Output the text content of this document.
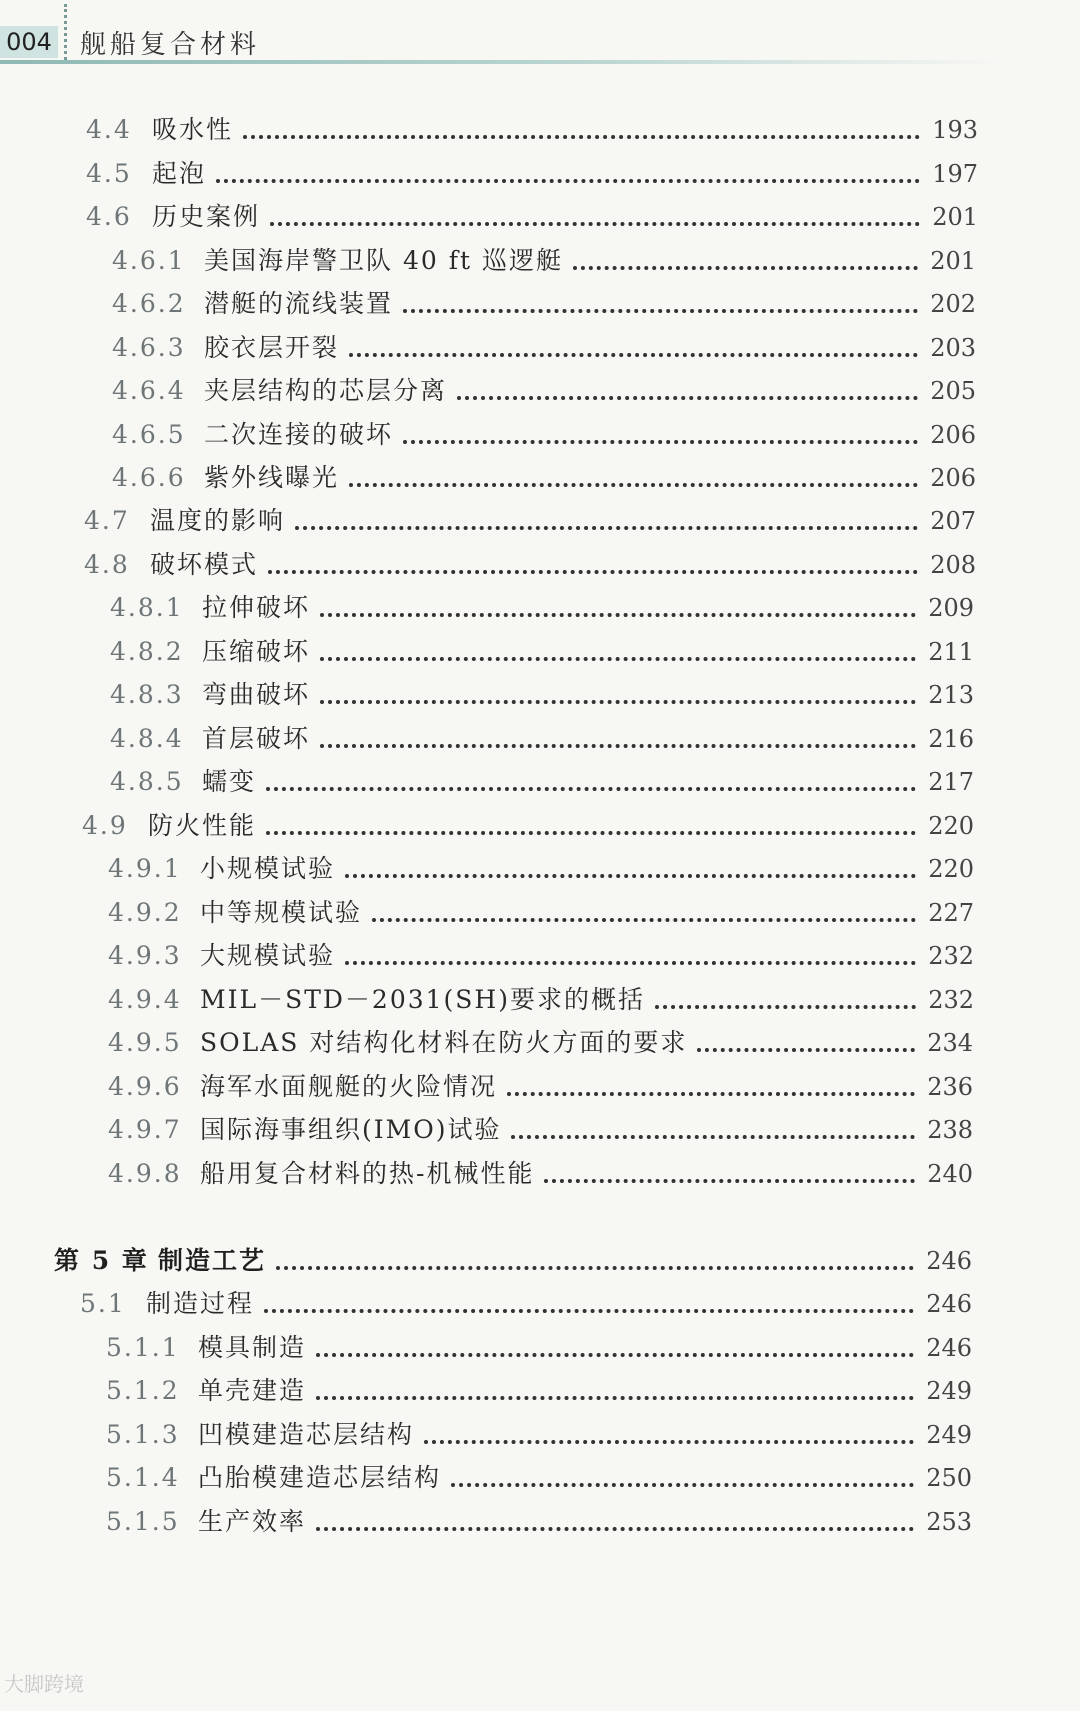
004 舰船复合材料
4.4 吸水性	193
4.5 起泡	197
4.6 历史案例	201
4.6.1 美国海岸警卫队 40 ft 巡逻艇	201
4.6.2 潜艇的流线装置	202
4.6.3 胶衣层开裂	203
4.6.4 夹层结构的芯层分离	205
4.6.5 二次连接的破坏	206
4.6.6 紫外线曝光	206
4.7 温度的影响	207
4.8 破坏模式	208
4.8.1 拉伸破坏	209
4.8.2 压缩破坏	211
4.8.3 弯曲破坏	213
4.8.4 首层破坏	216
4.8.5 蠕变	217
4.9 防火性能	220
4.9.1 小规模试验	220
4.9.2 中等规模试验	227
4.9.3 大规模试验	232
4.9.4 MIL－STD－2031(SH)要求的概括	232
4.9.5 SOLAS 对结构化材料在防火方面的要求	234
4.9.6 海军水面舰艇的火险情况	236
4.9.7 国际海事组织(IMO)试验	238
4.9.8 船用复合材料的热-机械性能	240
第 5 章 制造工艺	246
5.1 制造过程	246
5.1.1 模具制造	246
5.1.2 单壳建造	249
5.1.3 凹模建造芯层结构	249
5.1.4 凸胎模建造芯层结构	250
5.1.5 生产效率	253
大脚跨境
